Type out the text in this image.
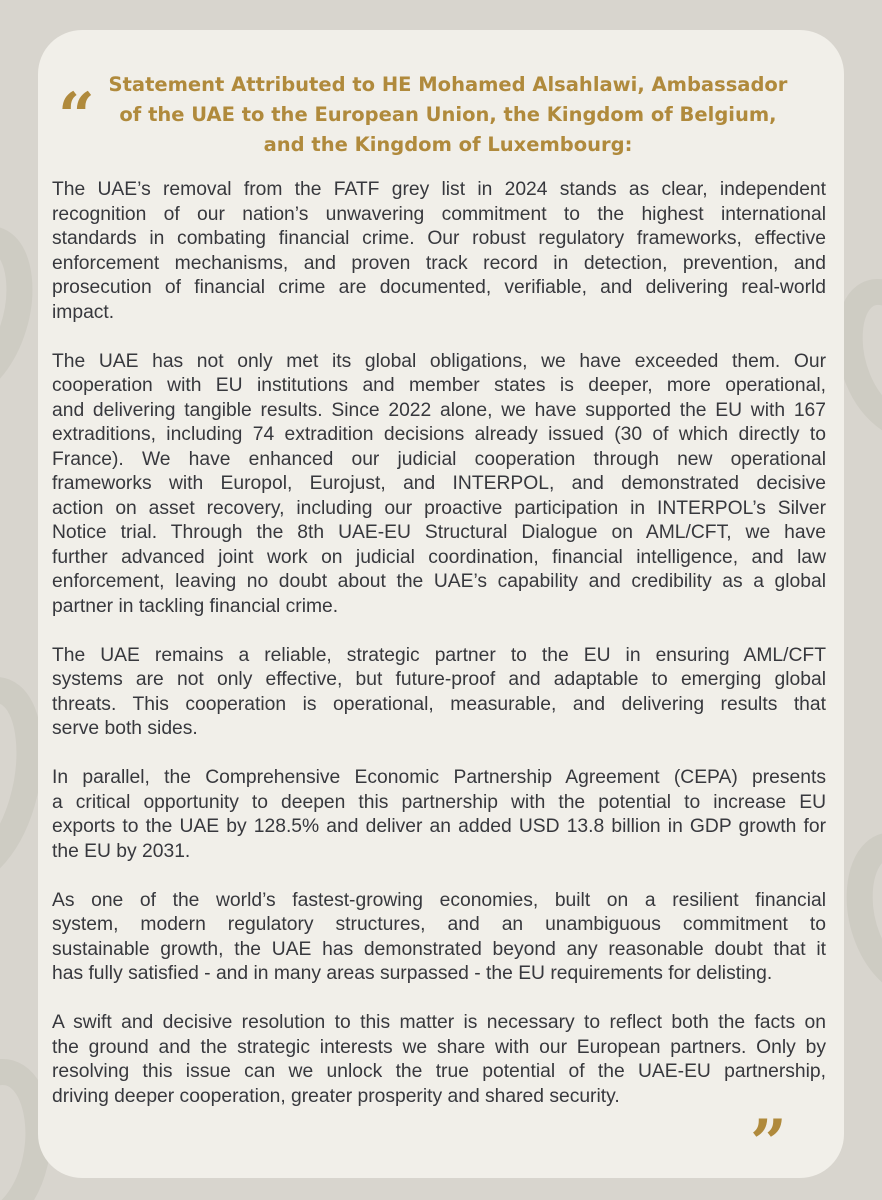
“ Statement Attributed to HE Mohamed Alsahlawi, Ambassador
of the UAE to the European Union, the Kingdom of Belgium,
and the Kingdom of Luxembourg:

The UAE’s removal from the FATF grey list in 2024 stands as clear, independent
recognition of our nation’s unwavering commitment to the highest international
standards in combating financial crime. Our robust regulatory frameworks, effective
enforcement mechanisms, and proven track record in detection, prevention, and
prosecution of financial crime are documented, verifiable, and delivering real-world
impact.

The UAE has not only met its global obligations, we have exceeded them. Our
cooperation with EU institutions and member states is deeper, more operational,
and delivering tangible results. Since 2022 alone, we have supported the EU with 167
extraditions, including 74 extradition decisions already issued (30 of which directly to
France). We have enhanced our judicial cooperation through new operational
frameworks with Europol, Eurojust, and INTERPOL, and demonstrated decisive
action on asset recovery, including our proactive participation in INTERPOL’s Silver
Notice trial. Through the 8th UAE-EU Structural Dialogue on AML/CFT, we have
further advanced joint work on judicial coordination, financial intelligence, and law
enforcement, leaving no doubt about the UAE’s capability and credibility as a global
partner in tackling financial crime.

The UAE remains a reliable, strategic partner to the EU in ensuring AML/CFT
systems are not only effective, but future-proof and adaptable to emerging global
threats. This cooperation is operational, measurable, and delivering results that
serve both sides.

In parallel, the Comprehensive Economic Partnership Agreement (CEPA) presents
a critical opportunity to deepen this partnership with the potential to increase EU
exports to the UAE by 128.5% and deliver an added USD 13.8 billion in GDP growth for
the EU by 2031.

As one of the world’s fastest-growing economies, built on a resilient financial
system, modern regulatory structures, and an unambiguous commitment to
sustainable growth, the UAE has demonstrated beyond any reasonable doubt that it
has fully satisfied - and in many areas surpassed - the EU requirements for delisting.

A swift and decisive resolution to this matter is necessary to reflect both the facts on
the ground and the strategic interests we share with our European partners. Only by
resolving this issue can we unlock the true potential of the UAE-EU partnership,
driving deeper cooperation, greater prosperity and shared security.

”
